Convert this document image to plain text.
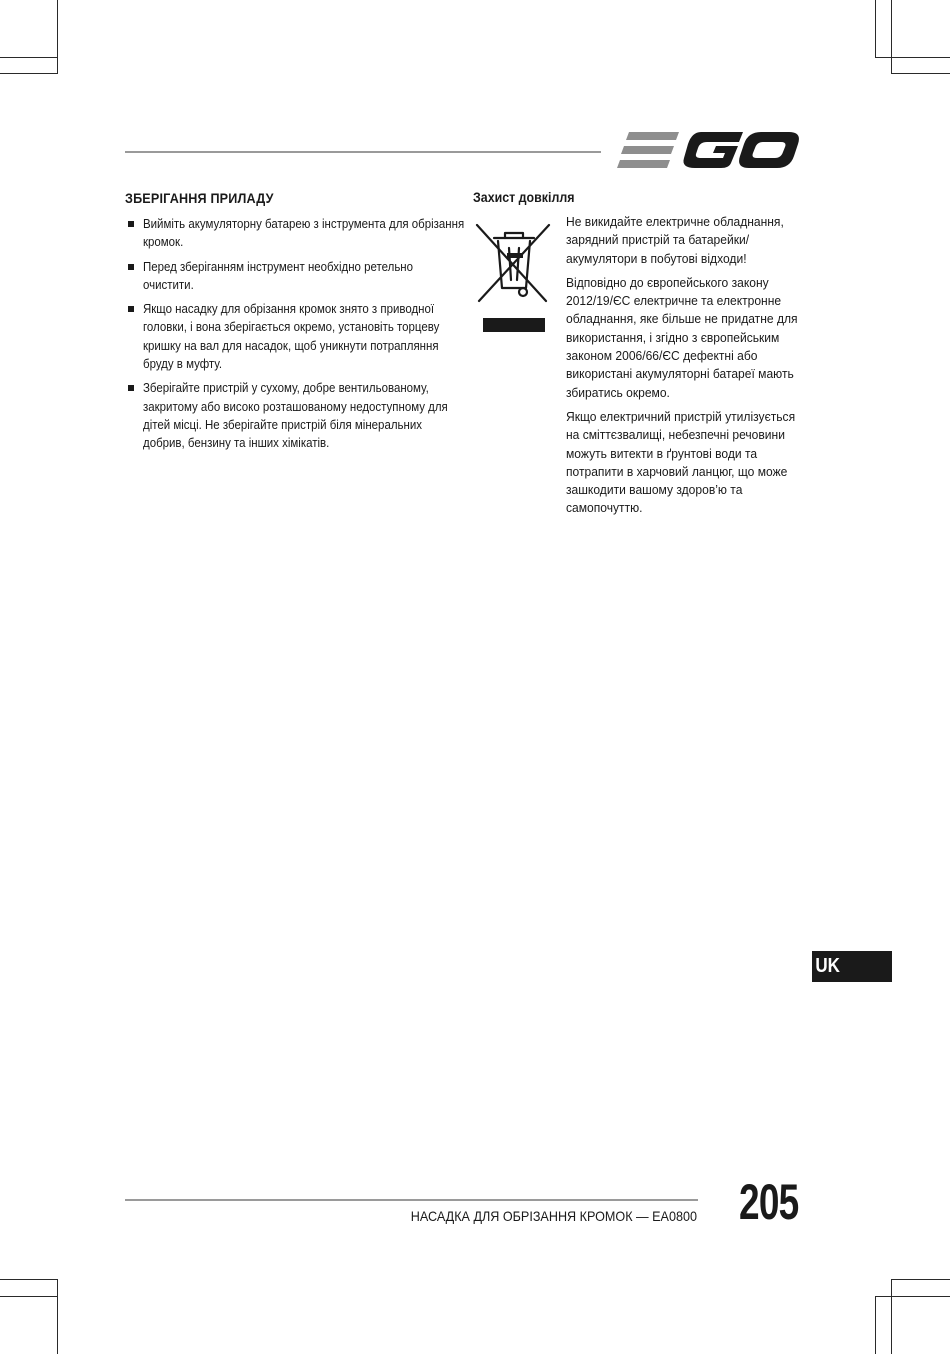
ЗБЕРІГАННЯ ПРИЛАДУ
Вийміть акумуляторну батарею з інструмента для обрізання кромок.
Перед зберіганням інструмент необхідно ретельно очистити.
Якщо насадку для обрізання кромок знято з приводної головки, і вона зберігається окремо, установіть торцеву кришку на вал для насадок, щоб уникнути потрапляння бруду в муфту.
Зберігайте пристрій у сухому, добре вентильованому, закритому або високо розташованому недоступному для дітей місці. Не зберігайте пристрій біля мінеральних добрив, бензину та інших хімікатів.
Захист довкілля

Не викидайте електричне обладнання, зарядний пристрій та батарейки/ акумулятори в побутові відходи!

Відповідно до європейського закону 2012/19/ЄС електричне та електронне обладнання, яке більше не придатне для використання, і згідно з європейським законом 2006/66/ЄС дефектні або використані акумуляторні батареї мають збиратись окремо.

Якщо електричний пристрій утилізується на сміттєзвалищі, небезпечні речовини можуть витекти в ґрунтові води та потрапити в харчовий ланцюг, що може зашкодити вашому здоров’ю та самопочуттю.

UK
НАСАДКА ДЛЯ ОБРІЗАННЯ КРОМОК — EA0800 205
